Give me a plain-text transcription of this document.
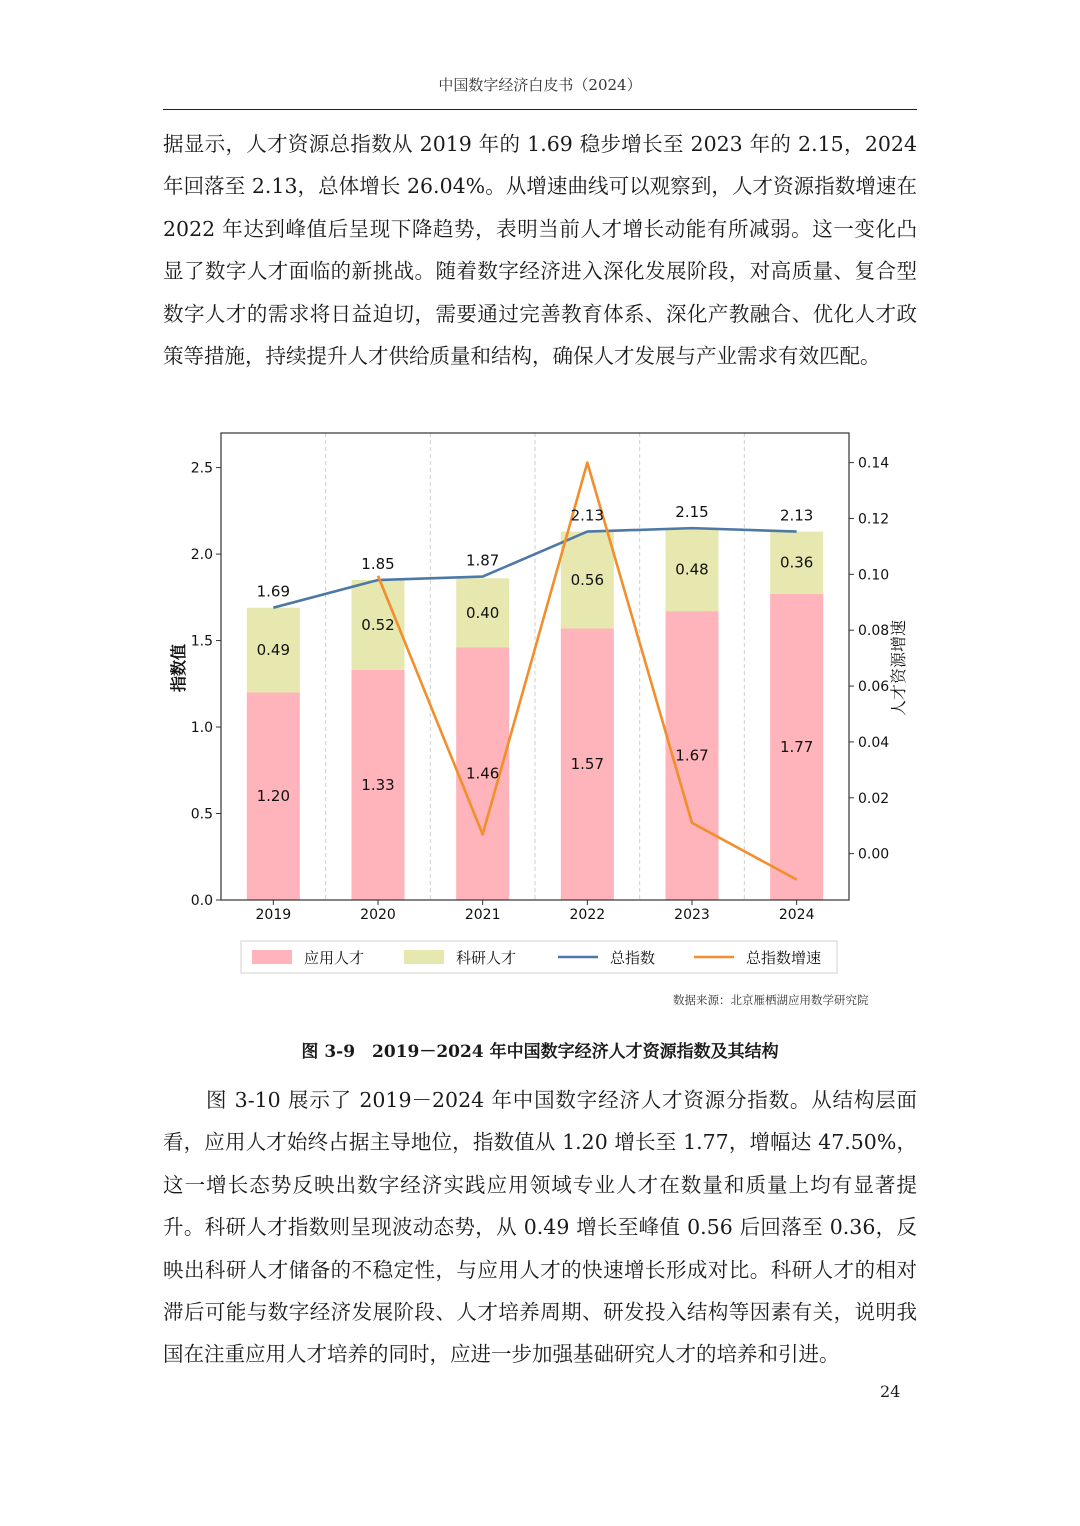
中国数字经济白皮书（2024）

据显示，人才资源总指数从 2019 年的 1.69 稳步增长至 2023 年的 2.15，2024 年回落至 2.13，总体增长 26.04%。从增速曲线可以观察到，人才资源指数增速在 2022 年达到峰值后呈现下降趋势，表明当前人才增长动能有所减弱。这一变化凸显了数字人才面临的新挑战。随着数字经济进入深化发展阶段，对高质量、复合型数字人才的需求将日益迫切，需要通过完善教育体系、深化产教融合、优化人才政策等措施，持续提升人才供给质量和结构，确保人才发展与产业需求有效匹配。

1.20
1.33
1.46
1.57	1.67	1.77
0.49
0.52
0.40
0.56
0.48	0.36
1.69
1.85	1.87
2.13	2.15	2.13
0.0
0.5
1.0
1.5
2.0
2.5
0.00
0.02
0.04
0.06
0.08
0.10
0.12
0.14
2019	2020	2021	2022	2023	2024
指数值	人才资源增速
应用人才	科研人才	总指数	总指数增速
数据来源：北京雁栖湖应用数学研究院
图 3-9　2019－2024 年中国数字经济人才资源指数及其结构

图 3-10 展示了 2019－2024 年中国数字经济人才资源分指数。从结构层面看，应用人才始终占据主导地位，指数值从 1.20 增长至 1.77，增幅达 47.50%，这一增长态势反映出数字经济实践应用领域专业人才在数量和质量上均有显著提升。科研人才指数则呈现波动态势，从 0.49 增长至峰值 0.56 后回落至 0.36，反映出科研人才储备的不稳定性，与应用人才的快速增长形成对比。科研人才的相对滞后可能与数字经济发展阶段、人才培养周期、研发投入结构等因素有关，说明我国在注重应用人才培养的同时，应进一步加强基础研究人才的培养和引进。

24
